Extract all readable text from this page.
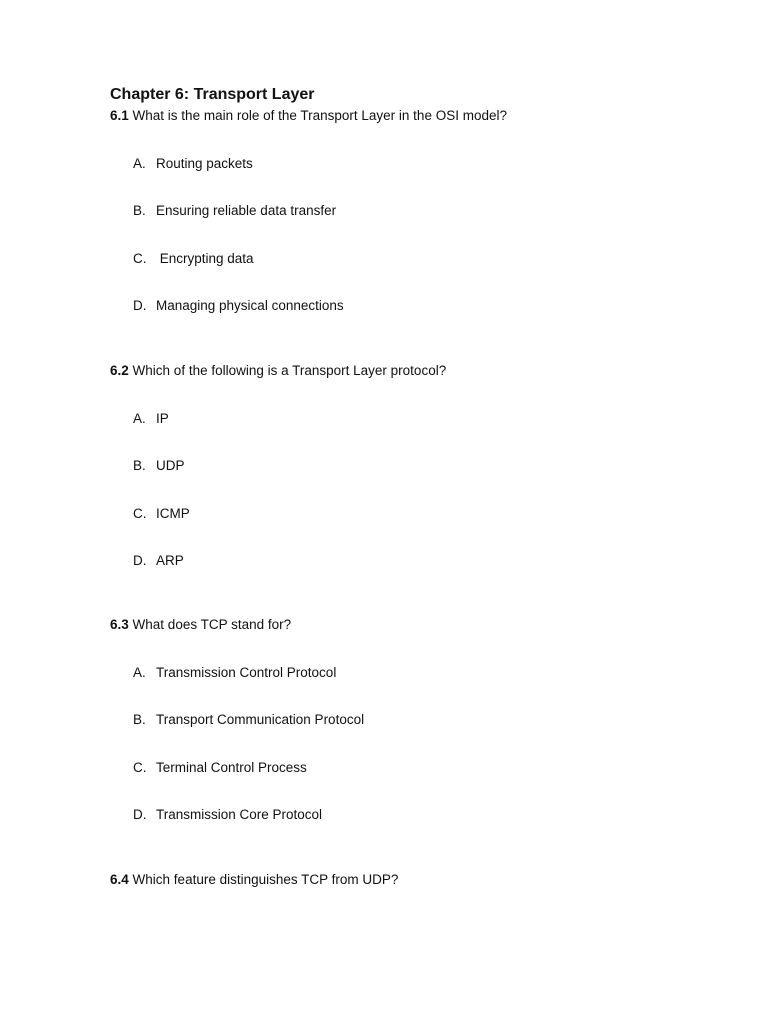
Chapter 6: Transport Layer
6.1 What is the main role of the Transport Layer in the OSI model?
A. Routing packets
B. Ensuring reliable data transfer
C. Encrypting data
D. Managing physical connections
6.2 Which of the following is a Transport Layer protocol?
A. IP
B. UDP
C. ICMP
D. ARP
6.3 What does TCP stand for?
A. Transmission Control Protocol
B. Transport Communication Protocol
C. Terminal Control Process
D. Transmission Core Protocol
6.4 Which feature distinguishes TCP from UDP?
